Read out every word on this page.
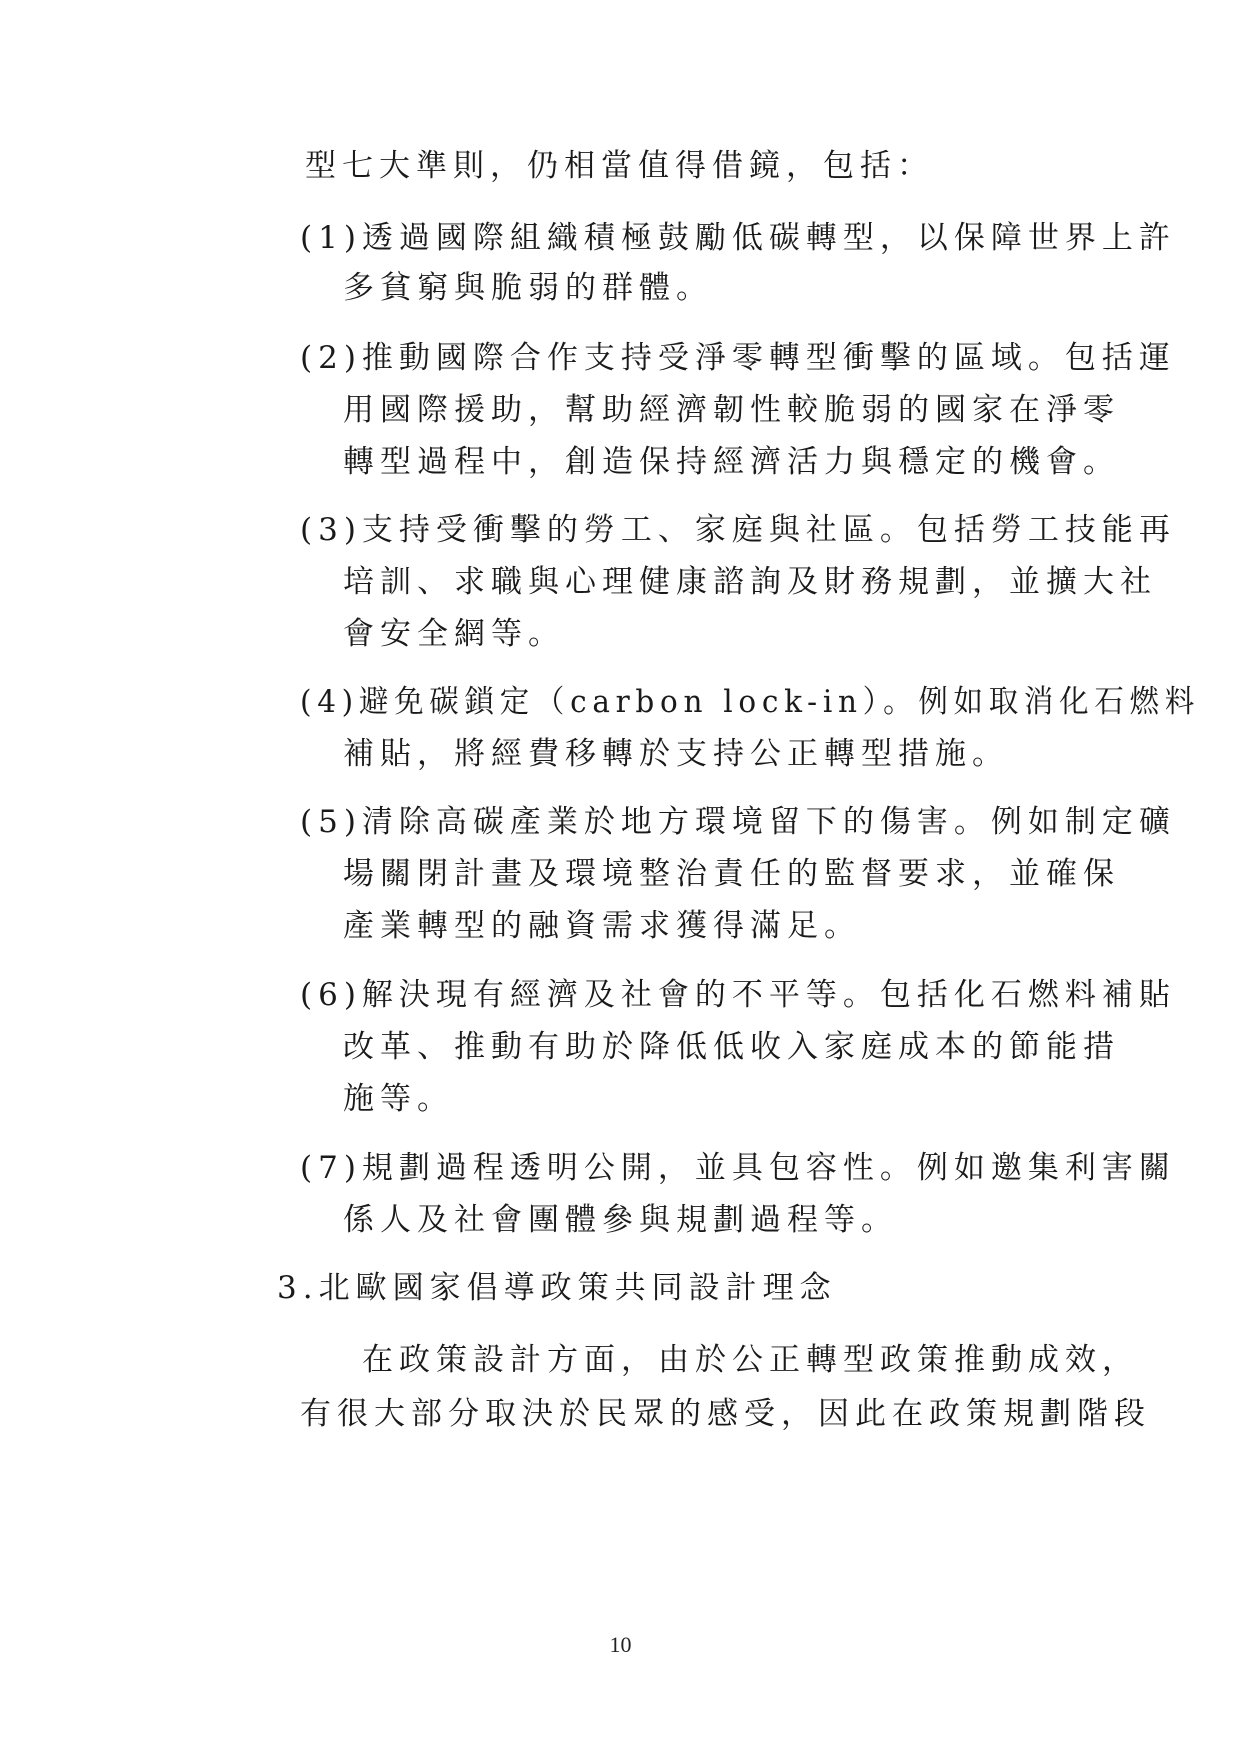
型七大準則，仍相當值得借鏡，包括：
(1)透過國際組織積極鼓勵低碳轉型，以保障世界上許
多貧窮與脆弱的群體。
(2)推動國際合作支持受淨零轉型衝擊的區域。包括運
用國際援助，幫助經濟韌性較脆弱的國家在淨零
轉型過程中，創造保持經濟活力與穩定的機會。
(3)支持受衝擊的勞工、家庭與社區。包括勞工技能再
培訓、求職與心理健康諮詢及財務規劃，並擴大社
會安全網等。
(4)避免碳鎖定（carbon lock-in）。例如取消化石燃料
補貼，將經費移轉於支持公正轉型措施。
(5)清除高碳產業於地方環境留下的傷害。例如制定礦
場關閉計畫及環境整治責任的監督要求，並確保
產業轉型的融資需求獲得滿足。
(6)解決現有經濟及社會的不平等。包括化石燃料補貼
改革、推動有助於降低低收入家庭成本的節能措
施等。
(7)規劃過程透明公開，並具包容性。例如邀集利害關
係人及社會團體參與規劃過程等。
3.北歐國家倡導政策共同設計理念
在政策設計方面，由於公正轉型政策推動成效，
有很大部分取決於民眾的感受，因此在政策規劃階段
10
